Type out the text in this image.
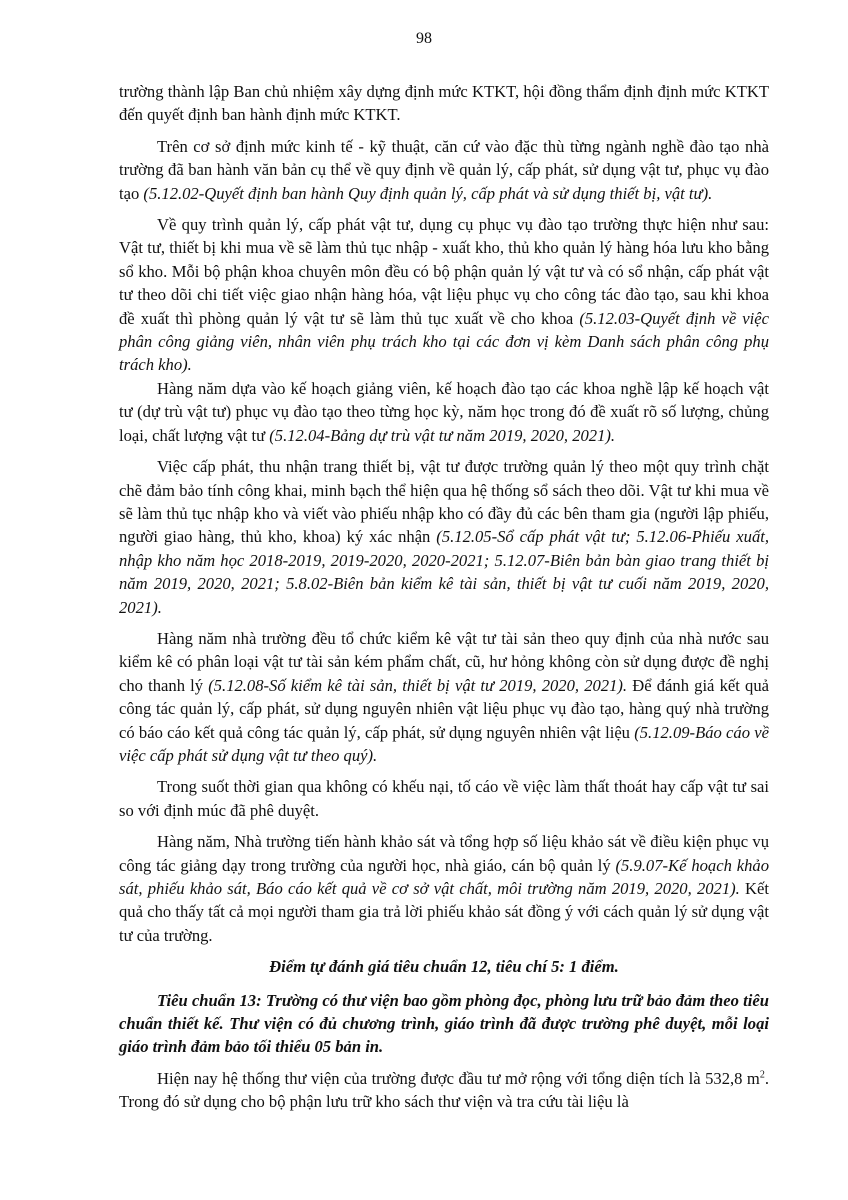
98

trường thành lập Ban chủ nhiệm xây dựng định mức KTKT, hội đồng thẩm định định mức KTKT đến quyết định ban hành định mức KTKT.

Trên cơ sở định mức kinh tế - kỹ thuật, căn cứ vào đặc thù từng ngành nghề đào tạo nhà trường đã ban hành văn bản cụ thể về quy định về quản lý, cấp phát, sử dụng vật tư, phục vụ đào tạo (5.12.02-Quyết định ban hành Quy định quản lý, cấp phát và sử dụng thiết bị, vật tư).

Về quy trình quản lý, cấp phát vật tư, dụng cụ phục vụ đào tạo trường thực hiện như sau: Vật tư, thiết bị khi mua về sẽ làm thủ tục nhập - xuất kho, thủ kho quản lý hàng hóa lưu kho bằng sổ kho. Mỗi bộ phận khoa chuyên môn đều có bộ phận quản lý vật tư và có sổ nhận, cấp phát vật tư theo dõi chi tiết việc giao nhận hàng hóa, vật liệu phục vụ cho công tác đào tạo, sau khi khoa đề xuất thì phòng quản lý vật tư sẽ làm thủ tục xuất về cho khoa (5.12.03-Quyết định về việc phân công giảng viên, nhân viên phụ trách kho tại các đơn vị kèm Danh sách phân công phụ trách kho).

Hàng năm dựa vào kế hoạch giảng viên, kế hoạch đào tạo các khoa nghề lập kế hoạch vật tư (dự trù vật tư) phục vụ đào tạo theo từng học kỳ, năm học trong đó đề xuất rõ số lượng, chủng loại, chất lượng vật tư (5.12.04-Bảng dự trù vật tư năm 2019, 2020, 2021).

Việc cấp phát, thu nhận trang thiết bị, vật tư được trường quản lý theo một quy trình chặt chẽ đảm bảo tính công khai, minh bạch thể hiện qua hệ thống sổ sách theo dõi. Vật tư khi mua về sẽ làm thủ tục nhập kho và viết vào phiếu nhập kho có đầy đủ các bên tham gia (người lập phiếu, người giao hàng, thủ kho, khoa) ký xác nhận (5.12.05-Sổ cấp phát vật tư; 5.12.06-Phiếu xuất, nhập kho năm học 2018-2019, 2019-2020, 2020-2021; 5.12.07-Biên bản bàn giao trang thiết bị năm 2019, 2020, 2021; 5.8.02-Biên bản kiểm kê tài sản, thiết bị vật tư cuối năm 2019, 2020, 2021).

Hàng năm nhà trường đều tổ chức kiểm kê vật tư tài sản theo quy định của nhà nước sau kiểm kê có phân loại vật tư tài sản kém phẩm chất, cũ, hư hỏng không còn sử dụng được đề nghị cho thanh lý (5.12.08-Số kiểm kê tài sản, thiết bị vật tư 2019, 2020, 2021). Để đánh giá kết quả công tác quản lý, cấp phát, sử dụng nguyên nhiên vật liệu phục vụ đào tạo, hàng quý nhà trường có báo cáo kết quả công tác quản lý, cấp phát, sử dụng nguyên nhiên vật liệu (5.12.09-Báo cáo về việc cấp phát sử dụng vật tư theo quý).

Trong suốt thời gian qua không có khếu nại, tố cáo về việc làm thất thoát hay cấp vật tư sai so với định múc đã phê duyệt.

Hàng năm, Nhà trường tiến hành khảo sát và tổng hợp số liệu khảo sát về điều kiện phục vụ công tác giảng dạy trong trường của người học, nhà giáo, cán bộ quản lý (5.9.07-Kế hoạch khảo sát, phiếu khảo sát, Báo cáo kết quả về cơ sở vật chất, môi trường năm 2019, 2020, 2021). Kết quả cho thấy tất cả mọi người tham gia trả lời phiếu khảo sát đồng ý với cách quản lý sử dụng vật tư của trường.

Điểm tự đánh giá tiêu chuẩn 12, tiêu chí 5: 1 điểm.

Tiêu chuẩn 13: Trường có thư viện bao gồm phòng đọc, phòng lưu trữ bảo đảm theo tiêu chuẩn thiết kế. Thư viện có đủ chương trình, giáo trình đã được trường phê duyệt, mỗi loại giáo trình đảm bảo tối thiểu 05 bản in.

Hiện nay hệ thống thư viện của trường được đầu tư mở rộng với tổng diện tích là 532,8 $m^2$. Trong đó sử dụng cho bộ phận lưu trữ kho sách thư viện và tra cứu tài liệu là
